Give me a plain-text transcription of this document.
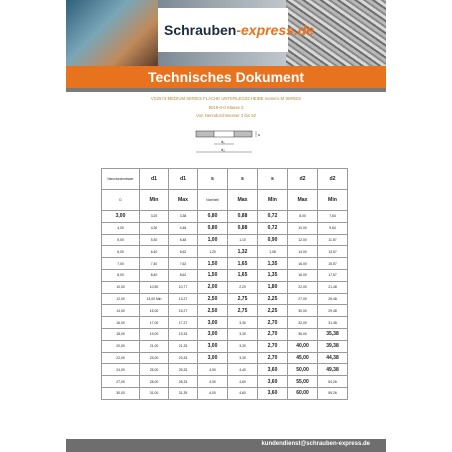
Schrauben-express.de
Technisches Dokument
VS2574-MEDIUM SERIES FLACHE UNTERLEGSCHEIBE numero M SERIES
9019-0-0 Klasse 3
Von Nenndurchmesser 3 bis 52
s
d₁
d₂
Nenndurchmesser	d1	d1	s	s	s	d2	d2
D	Min	Max	Nominell	Max	Min	Max	Min
3,00	3,20	3,38	0,80	0,88	0,72	8,00	7,64
4,00	4,30	4,48	0,80	0,88	0,72	10,00	9,64
5,00	5,30	5,48	1,00	1,10	0,90	12,00	11,57
6,00	6,40	6,62	1,20	1,32	1,08	14,00	13,57
7,00	7,40	7,62	1,50	1,65	1,35	16,00	15,57
8,00	8,40	8,62	1,50	1,65	1,35	16,00	17,57
10,00	10,50	10,77	2,00	2,20	1,80	22,00	21,48
12,00	13,00 Min	13,27	2,50	2,75	2,25	27,00	26,48
14,00	15,00	15,27	2,50	2,75	2,25	30,00	29,48
16,00	17,00	17,27	3,00	3,30	2,70	32,00	31,38
18,00	19,00	19,33	3,00	3,30	2,70	36,00	35,38
20,00	21,00	21,33	3,00	3,30	2,70	40,00	39,38
22,00	23,00	23,33	3,00	3,30	2,70	45,00	44,38
24,00	25,00	25,33	4,00	4,40	3,60	50,00	49,38
27,00	28,00	28,33	4,00	4,60	3,60	55,00	54,26
30,00	31,00	31,39	4,00	4,60	3,60	60,00	59,26
kundendienst@schrauben-express.de
